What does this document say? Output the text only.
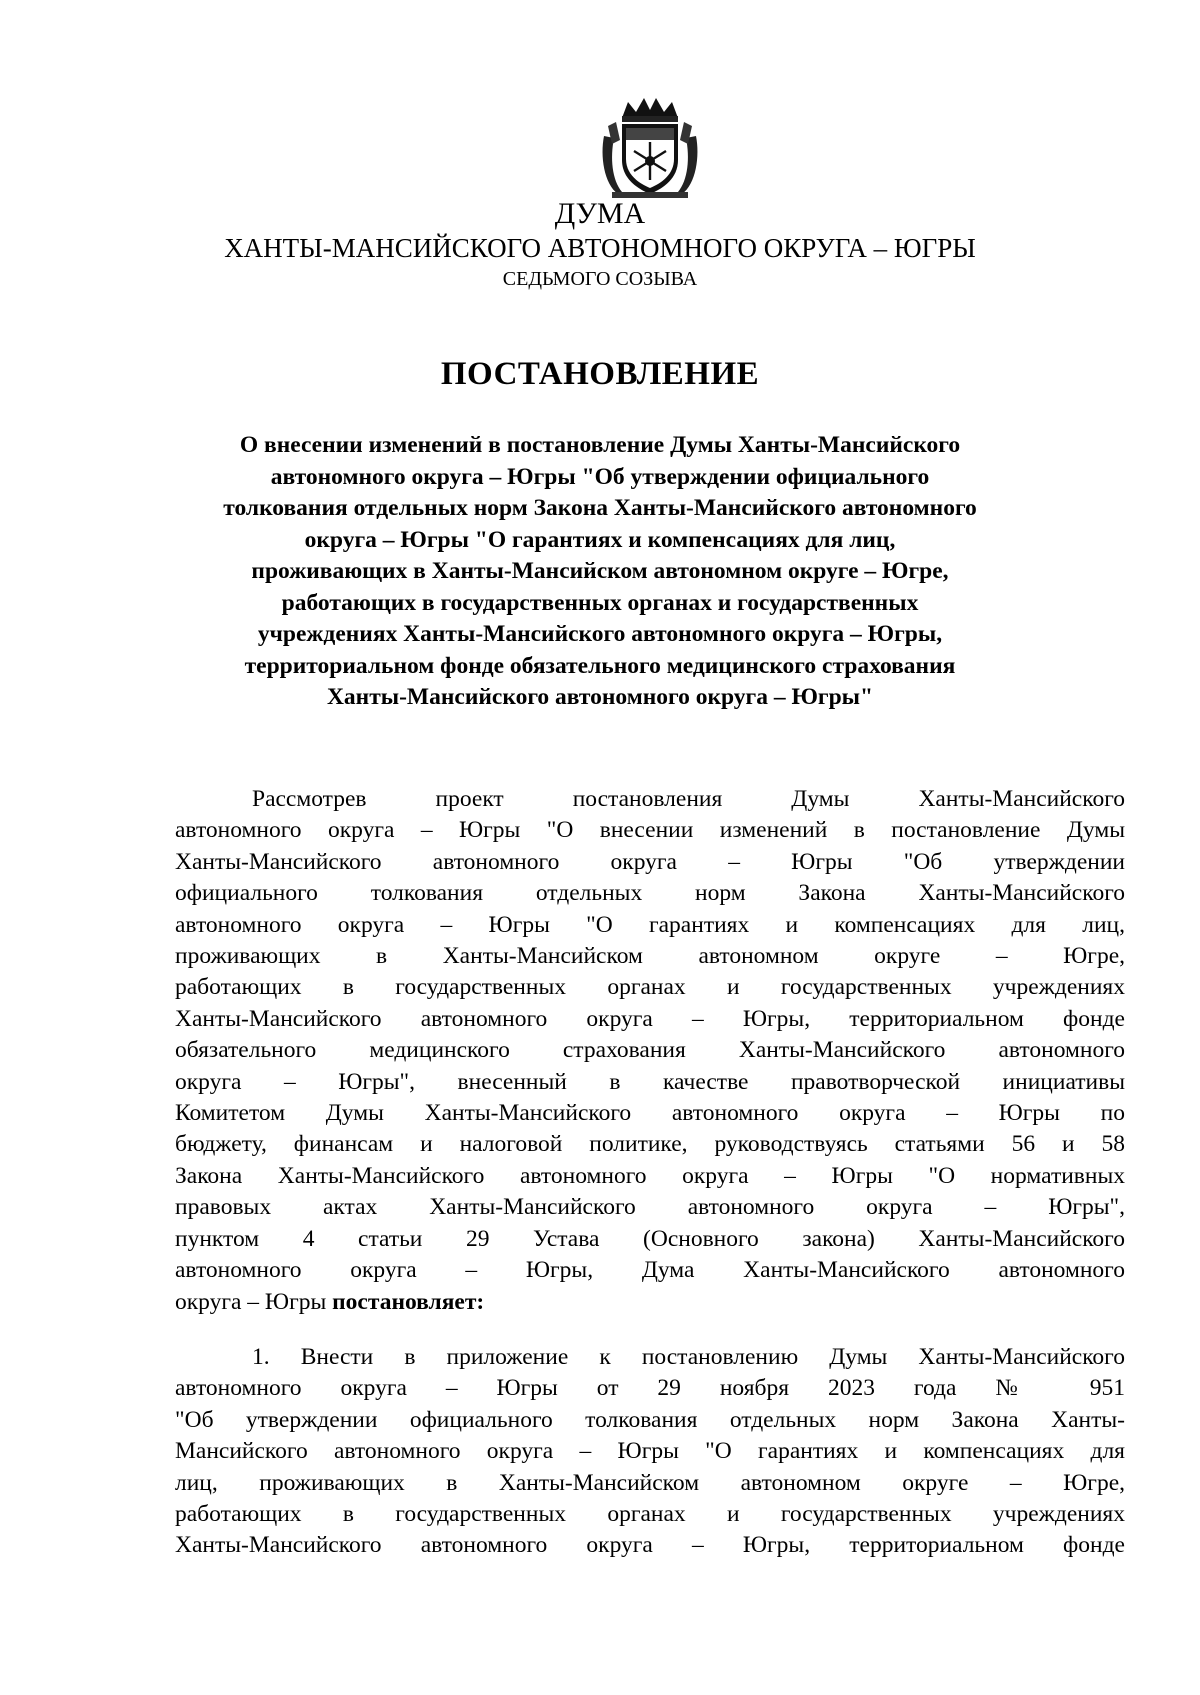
ДУМА
ХАНТЫ-МАНСИЙСКОГО АВТОНОМНОГО ОКРУГА – ЮГРЫ
СЕДЬМОГО СОЗЫВА
ПОСТАНОВЛЕНИЕ
О внесении изменений в постановление Думы Ханты-Мансийского
автономного округа – Югры "Об утверждении официального
толкования отдельных норм Закона Ханты-Мансийского автономного
округа – Югры "О гарантиях и компенсациях для лиц,
проживающих в Ханты-Мансийском автономном округе – Югре,
работающих в государственных органах и государственных
учреждениях Ханты-Мансийского автономного округа – Югры,
территориальном фонде обязательного медицинского страхования
Ханты-Мансийского автономного округа – Югры"
Рассмотрев проект постановления Думы Ханты-Мансийского
автономного округа – Югры "О внесении изменений в постановление Думы
Ханты-Мансийского автономного округа – Югры "Об утверждении
официального толкования отдельных норм Закона Ханты-Мансийского
автономного округа – Югры "О гарантиях и компенсациях для лиц,
проживающих в Ханты-Мансийском автономном округе – Югре,
работающих в государственных органах и государственных учреждениях
Ханты-Мансийского автономного округа – Югры, территориальном фонде
обязательного медицинского страхования Ханты-Мансийского автономного
округа – Югры", внесенный в качестве правотворческой инициативы
Комитетом Думы Ханты-Мансийского автономного округа – Югры по
бюджету, финансам и налоговой политике, руководствуясь статьями 56 и 58
Закона Ханты-Мансийского автономного округа – Югры "О нормативных
правовых актах Ханты-Мансийского автономного округа – Югры",
пунктом 4 статьи 29 Устава (Основного закона) Ханты-Мансийского
автономного округа – Югры, Дума Ханты-Мансийского автономного
округа – Югры постановляет:
1. Внести в приложение к постановлению Думы Ханты-Мансийского
автономного округа – Югры от 29 ноября 2023 года № 951
"Об утверждении официального толкования отдельных норм Закона Ханты-
Мансийского автономного округа – Югры "О гарантиях и компенсациях для
лиц, проживающих в Ханты-Мансийском автономном округе – Югре,
работающих в государственных органах и государственных учреждениях
Ханты-Мансийского автономного округа – Югры, территориальном фонде
